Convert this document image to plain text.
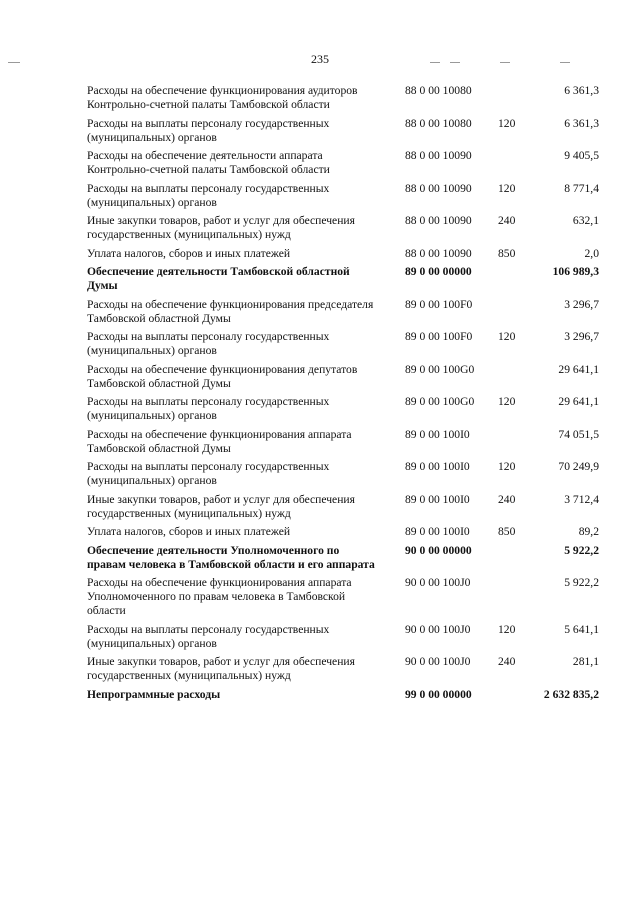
235
Расходы на обеспечение функционирования аудиторов Контрольно-счетной палаты Тамбовской области
88 0 00 10080	6 361,3
Расходы на выплаты персоналу государственных (муниципальных) органов
88 0 00 10080 120	6 361,3
Расходы на обеспечение деятельности аппарата Контрольно-счетной палаты Тамбовской области
88 0 00 10090	9 405,5
Расходы на выплаты персоналу государственных (муниципальных) органов
88 0 00 10090 120	8 771,4
Иные закупки товаров, работ и услуг для обеспечения государственных (муниципальных) нужд
88 0 00 10090 240	632,1
Уплата налогов, сборов и иных платежей	88 0 00 10090 850	2,0
Обеспечение деятельности Тамбовской областной Думы
89 0 00 00000	106 989,3
Расходы на обеспечение функционирования председателя Тамбовской областной Думы
89 0 00 100F0	3 296,7
Расходы на выплаты персоналу государственных (муниципальных) органов
89 0 00 100F0 120	3 296,7
Расходы на обеспечение функционирования депутатов Тамбовской областной Думы
89 0 00 100G0	29 641,1
Расходы на выплаты персоналу государственных (муниципальных) органов
89 0 00 100G0 120	29 641,1
Расходы на обеспечение функционирования аппарата Тамбовской областной Думы
89 0 00 100I0	74 051,5
Расходы на выплаты персоналу государственных (муниципальных) органов
89 0 00 100I0 120	70 249,9
Иные закупки товаров, работ и услуг для обеспечения государственных (муниципальных) нужд
89 0 00 100I0 240	3 712,4
Уплата налогов, сборов и иных платежей	89 0 00 100I0 850	89,2
Обеспечение деятельности Уполномоченного по правам человека в Тамбовской области и его аппарата
90 0 00 00000	5 922,2
Расходы на обеспечение функционирования аппарата Уполномоченного по правам человека в Тамбовской области
90 0 00 100J0	5 922,2
Расходы на выплаты персоналу государственных (муниципальных) органов
90 0 00 100J0 120	5 641,1
Иные закупки товаров, работ и услуг для обеспечения государственных (муниципальных) нужд
90 0 00 100J0 240	281,1
Непрограммные расходы	99 0 00 00000	2 632 835,2
